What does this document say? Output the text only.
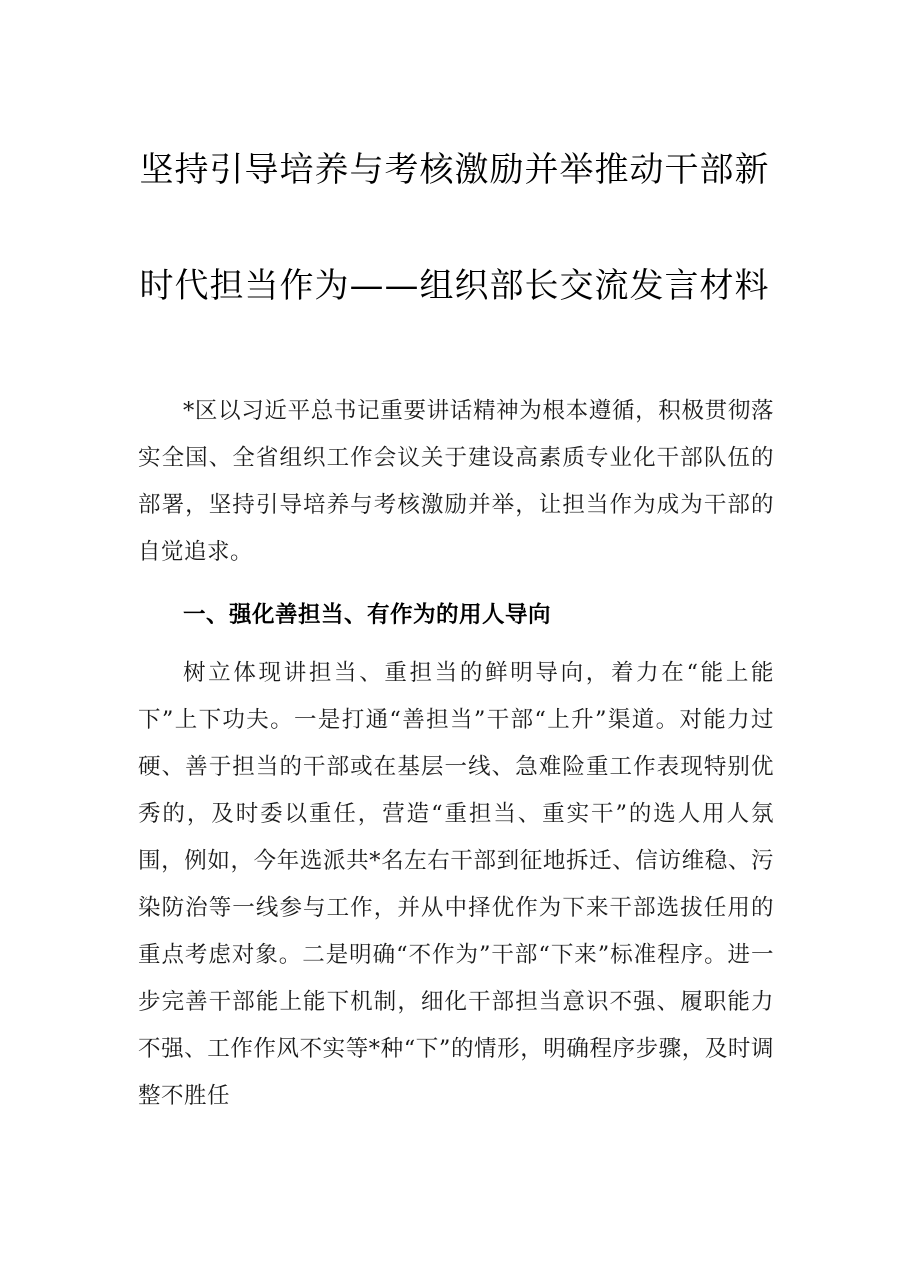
坚持引导培养与考核激励并举推动干部新
时代担当作为——组织部长交流发言材料

*区以习近平总书记重要讲话精神为根本遵循，积极贯彻落实全国、全省组织工作会议关于建设高素质专业化干部队伍的部署，坚持引导培养与考核激励并举，让担当作为成为干部的自觉追求。

一、强化善担当、有作为的用人导向

树立体现讲担当、重担当的鲜明导向，着力在“能上能下”上下功夫。一是打通“善担当”干部“上升”渠道。对能力过硬、善于担当的干部或在基层一线、急难险重工作表现特别优秀的，及时委以重任，营造“重担当、重实干”的选人用人氛围，例如，今年选派共*名左右干部到征地拆迁、信访维稳、污染防治等一线参与工作，并从中择优作为下来干部选拔任用的重点考虑对象。二是明确“不作为”干部“下来”标准程序。进一步完善干部能上能下机制，细化干部担当意识不强、履职能力不强、工作作风不实等*种“下”的情形，明确程序步骤，及时调整不胜任
